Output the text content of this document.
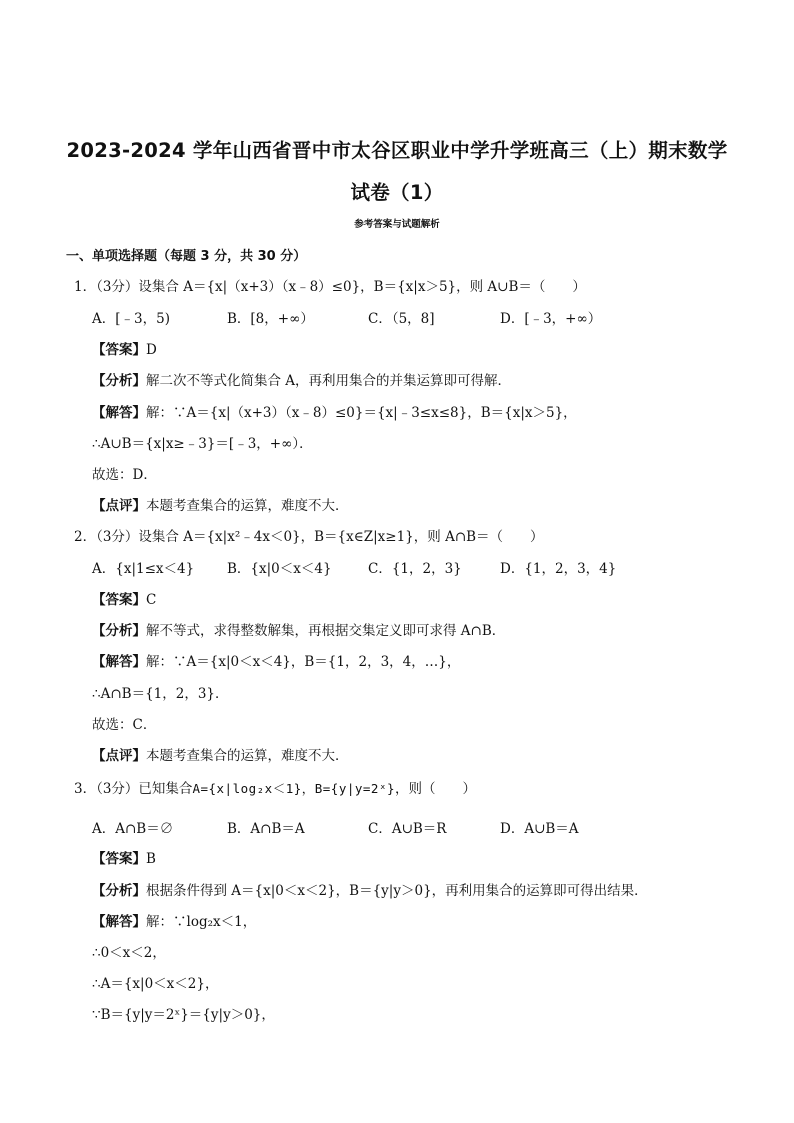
2023-2024 学年山西省晋中市太谷区职业中学升学班高三（上）期末数学
试卷（1）
参考答案与试题解析
一、单项选择题（每题 3 分，共 30 分）
1．（3分）设集合 A＝{x|（x+3）（x﹣8）≤0}，B＝{x|x＞5}，则 A∪B＝（　　）
A．[﹣3，5)	B．[8，+∞）	C．（5，8]	D．[﹣3，+∞）
【答案】D
【分析】解二次不等式化简集合 A，再利用集合的并集运算即可得解．
【解答】解：∵A＝{x|（x+3）（x﹣8）≤0}＝{x|﹣3≤x≤8}，B＝{x|x＞5}，
∴A∪B＝{x|x≥﹣3}＝[﹣3，+∞）．
故选：D．
【点评】本题考查集合的运算，难度不大．
2．（3分）设集合 A＝{x|x²﹣4x＜0}，B＝{x∈Z|x≥1}，则 A∩B＝（　　）
A．{x|1≤x＜4} B．{x|0＜x＜4}	C．{1，2，3}	D．{1，2，3，4}
【答案】C
【分析】解不等式，求得整数解集，再根据交集定义即可求得 A∩B．
【解答】解：∵A＝{x|0＜x＜4}，B＝{1，2，3，4，…}，
∴A∩B＝{1，2，3}．
故选：C．
【点评】本题考查集合的运算，难度不大．
3．（3分）已知集合A={x|log₂x＜1}，B={y|y=2ˣ}，则（　　）
A．A∩B＝∅	B．A∩B＝A	C．A∪B＝R	D．A∪B＝A
【答案】B
【分析】根据条件得到 A＝{x|0＜x＜2}，B＝{y|y＞0}，再利用集合的运算即可得出结果．
【解答】解：∵log₂x＜1，
∴0＜x＜2，
∴A＝{x|0＜x＜2}，
∵B＝{y|y＝2ˣ}＝{y|y＞0}，
